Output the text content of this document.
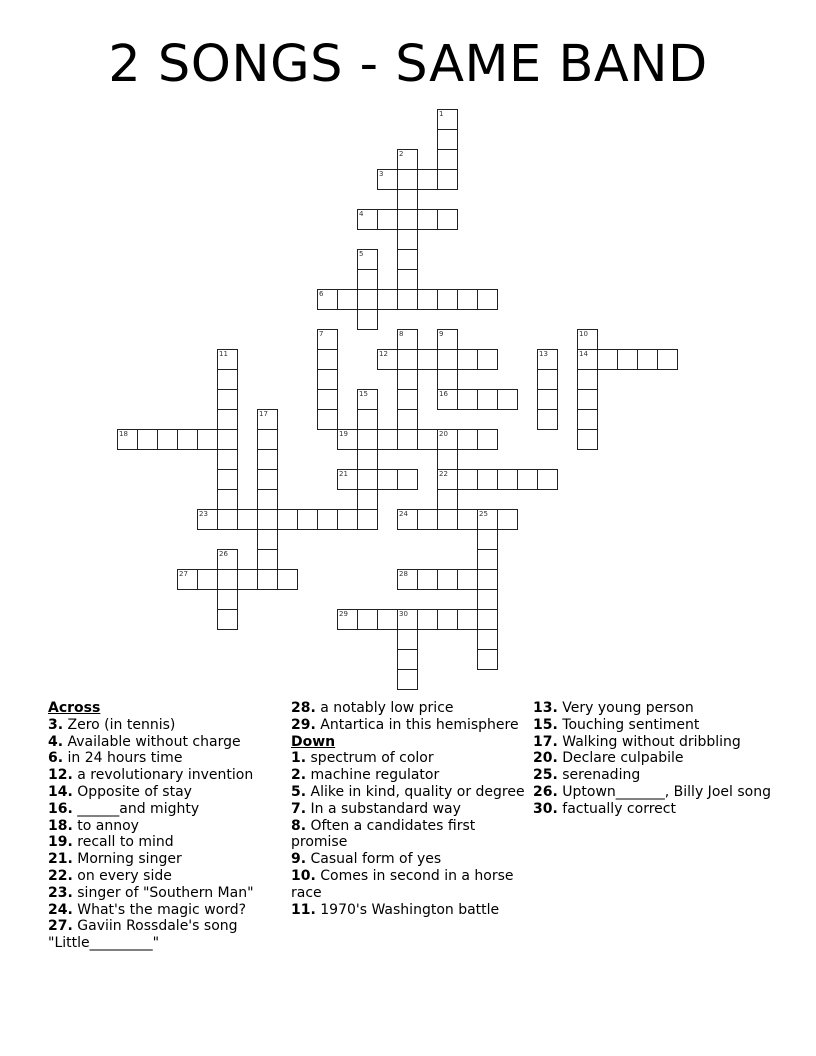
2 SONGS - SAME BAND
1
2
3
4
5
6
7	8	9
16
10
14
11	12	13
15
17
18	19	20
22
21
23	24	25
26
27	28
29	30
Across
3. Zero (in tennis)
4. Available without charge
6. in 24 hours time
12. a revolutionary invention
14. Opposite of stay
16. ______and mighty
18. to annoy
19. recall to mind
21. Morning singer
22. on every side
23. singer of "Southern Man"
24. What's the magic word?
27. Gaviin Rossdale's song "Little_________"
28. a notably low price
29. Antartica in this hemisphere
Down
1. spectrum of color
2. machine regulator
5. Alike in kind, quality or degree
7. In a substandard way
8. Often a candidates first promise
9. Casual form of yes
10. Comes in second in a horse race
11. 1970's Washington battle
13. Very young person
15. Touching sentiment
17. Walking without dribbling
20. Declare culpabile
25. serenading
26. Uptown_______, Billy Joel song
30. factually correct
